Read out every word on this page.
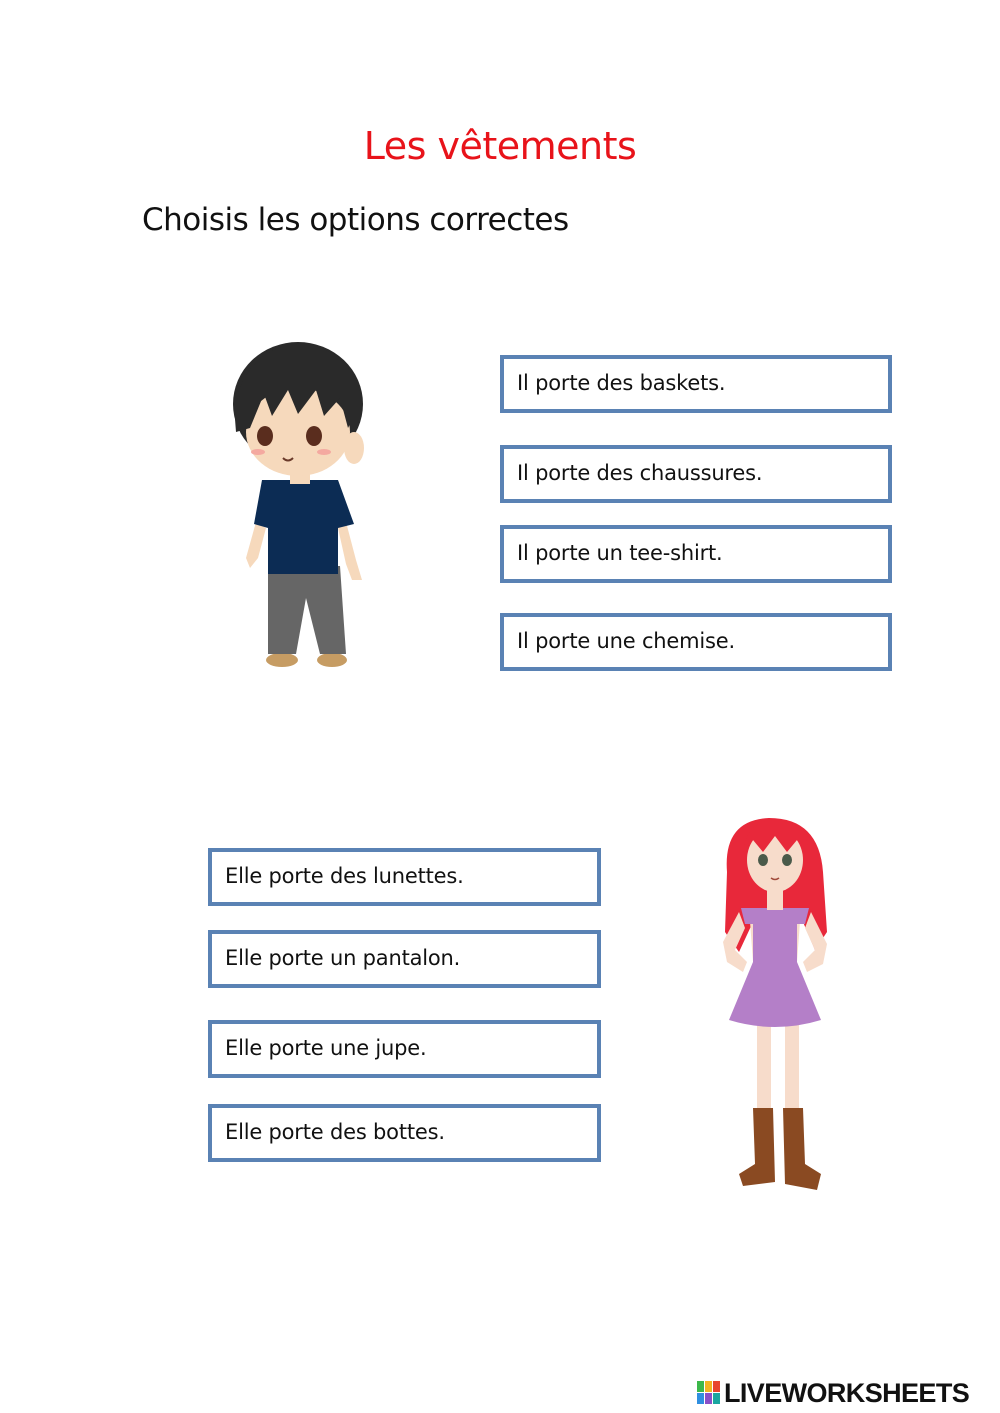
Les vêtements
Choisis les options correctes
Il porte des baskets.
Il porte des chaussures.
Il porte un tee-shirt.
Il porte une chemise.
Elle porte des lunettes.
Elle porte un pantalon.
Elle porte une jupe.
Elle porte des bottes.
LIVEWORKSHEETS
